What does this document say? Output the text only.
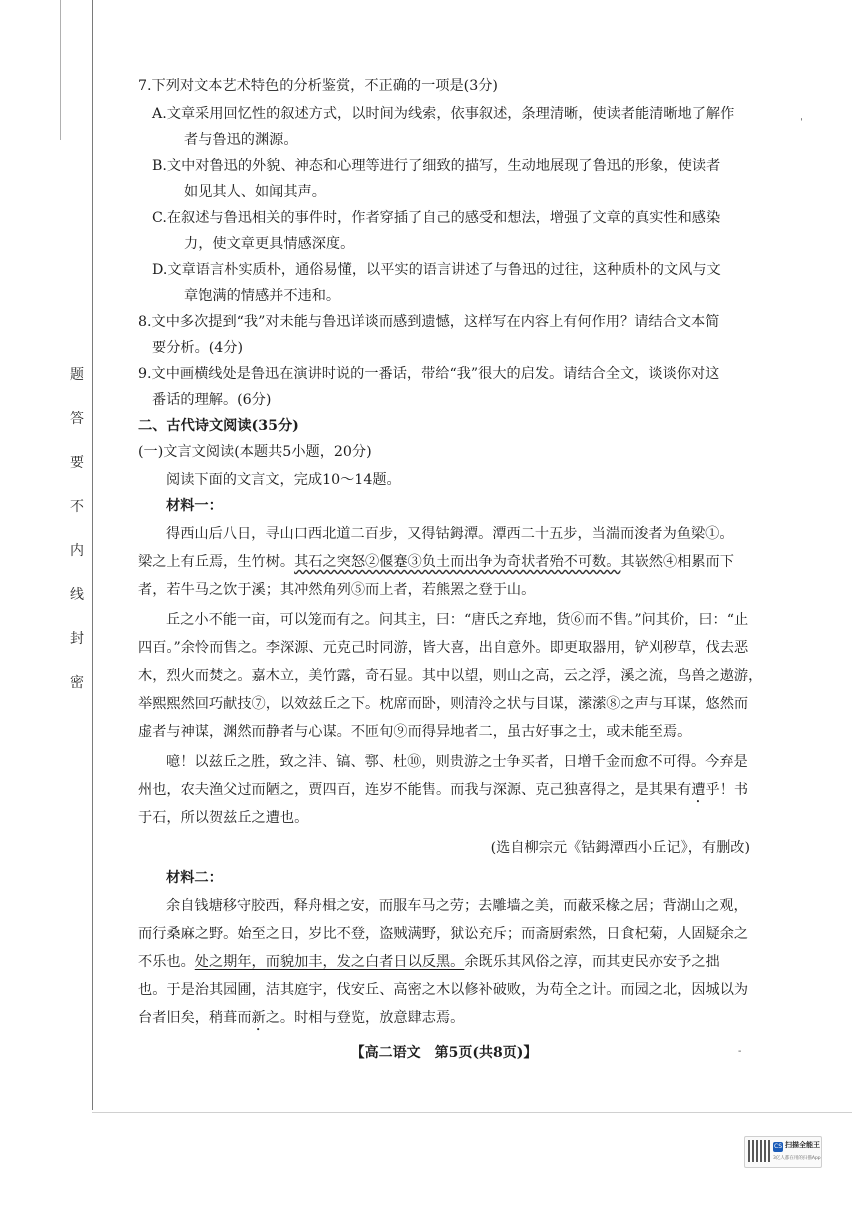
题
答
要
不
内
线
封
密
7.下列对文本艺术特色的分析鉴赏，不正确的一项是(3分)
A.文章采用回忆性的叙述方式，以时间为线索，依事叙述，条理清晰，使读者能清晰地了解作
者与鲁迅的渊源。
B.文中对鲁迅的外貌、神态和心理等进行了细致的描写，生动地展现了鲁迅的形象，使读者
如见其人、如闻其声。
C.在叙述与鲁迅相关的事件时，作者穿插了自己的感受和想法，增强了文章的真实性和感染
力，使文章更具情感深度。
D.文章语言朴实质朴，通俗易懂，以平实的语言讲述了与鲁迅的过往，这种质朴的文风与文
章饱满的情感并不违和。
8.文中多次提到“我”对未能与鲁迅详谈而感到遗憾，这样写在内容上有何作用？请结合文本简
要分析。(4分)
9.文中画横线处是鲁迅在演讲时说的一番话，带给“我”很大的启发。请结合全文，谈谈你对这
番话的理解。(6分)
二、古代诗文阅读(35分)
(一)文言文阅读(本题共5小题，20分)
阅读下面的文言文，完成10～14题。
材料一：
得西山后八日，寻山口西北道二百步，又得钴鉧潭。潭西二十五步，当湍而浚者为鱼梁①。
梁之上有丘焉，生竹树。其石之突怒②偃蹇③负土而出争为奇状者殆不可数。其嵚然④相累而下
者，若牛马之饮于溪；其冲然角列⑤而上者，若熊罴之登于山。
丘之小不能一亩，可以笼而有之。问其主，曰：“唐氏之弃地，货⑥而不售。”问其价，曰：“止
四百。”余怜而售之。李深源、元克己时同游，皆大喜，出自意外。即更取器用，铲刈秽草，伐去恶
木，烈火而焚之。嘉木立，美竹露，奇石显。其中以望，则山之高，云之浮，溪之流，鸟兽之遨游，
举熙熙然回巧献技⑦，以效兹丘之下。枕席而卧，则清泠之状与目谋，潆潆⑧之声与耳谋，悠然而
虚者与神谋，渊然而静者与心谋。不匝旬⑨而得异地者二，虽古好事之士，或未能至焉。
噫！以兹丘之胜，致之沣、镐、鄠、杜⑩，则贵游之士争买者，日增千金而愈不可得。今弃是
州也，农夫渔父过而陋之，贾四百，连岁不能售。而我与深源、克己独喜得之，是其果有遭乎！书
于石，所以贺兹丘之遭也。
(选自柳宗元《钴鉧潭西小丘记》，有删改)
材料二：
余自钱塘移守胶西，释舟楫之安，而服车马之劳；去雕墙之美，而蔽采椽之居；背湖山之观，
而行桑麻之野。始至之日，岁比不登，盗贼满野，狱讼充斥；而斋厨索然，日食杞菊，人固疑余之
不乐也。处之期年，而貌加丰，发之白者日以反黑。余既乐其风俗之淳，而其吏民亦安予之拙
也。于是治其园圃，洁其庭宇，伐安丘、高密之木以修补破败，为苟全之计。而园之北，因城以为
台者旧矣，稍葺而新之。时相与登览，放意肆志焉。
【高二语文　第5页(共8页)】
ˈ
-
CS 扫描全能王
3亿人都在用的扫描App
